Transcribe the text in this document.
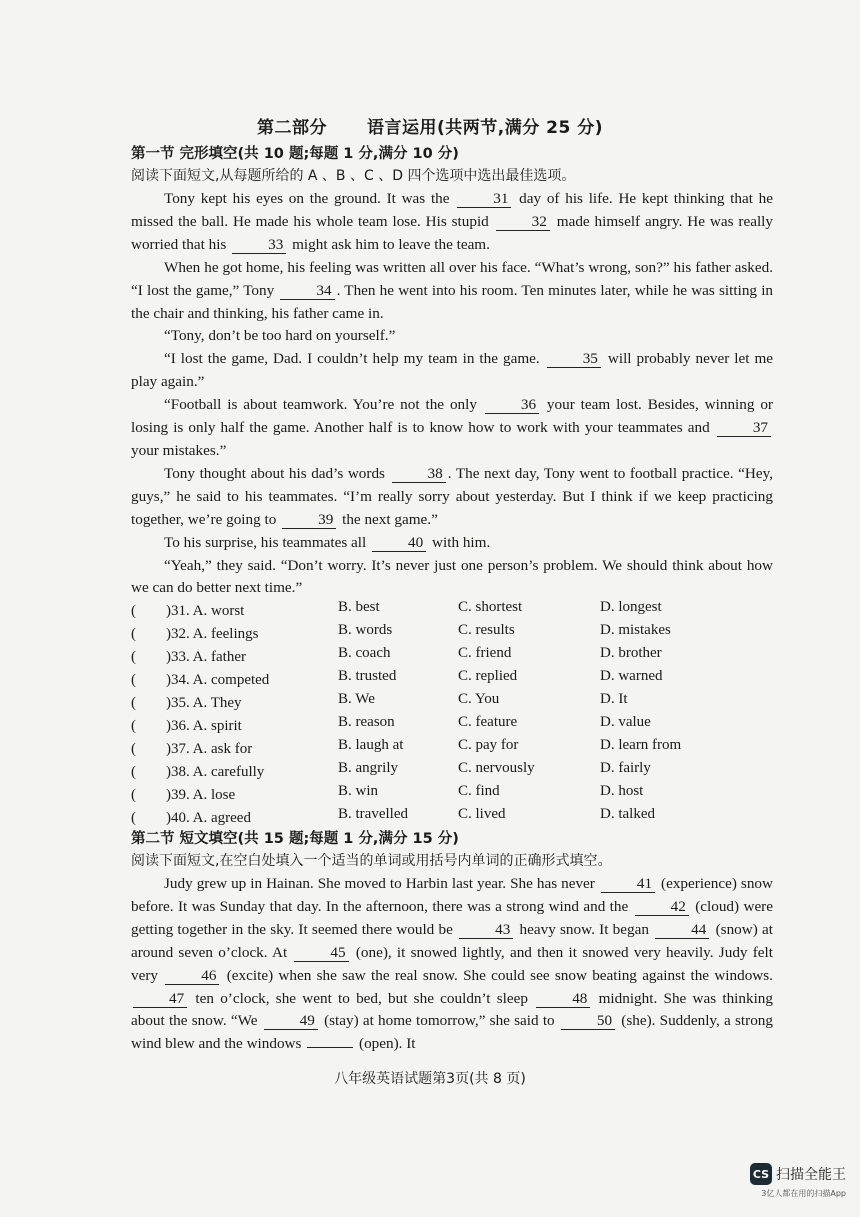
第二部分 语言运用(共两节,满分 25 分)
第一节 完形填空(共 10 题;每题 1 分,满分 10 分)
阅读下面短文,从每题所给的 A 、B 、C 、D 四个选项中选出最佳选项。

Tony kept his eyes on the ground. It was the	31 day of his life. He kept thinking that he missed the ball. He made his whole team lose. His stupid	32 made himself angry. He was really worried that his	33 might ask him to leave the team.

When he got home, his feeling was written all over his face. “What’s wrong, son?” his father asked. “I lost the game,” Tony	34 . Then he went into his room. Ten minutes later, while he was sitting in the chair and thinking, his father came in.

“Tony, don’t be too hard on yourself.”

“I lost the game, Dad. I couldn’t help my team in the game.	35 will probably never let me play again.”

“Football is about teamwork. You’re not the only	36 your team lost. Besides, winning or losing is only half the game. Another half is to know how to work with your teammates and	37 your mistakes.”

Tony thought about his dad’s words	38 . The next day, Tony went to football practice. “Hey, guys,” he said to his teammates. “I’m really sorry about yesterday. But I think if we keep practicing together, we’re going to	39 the next game.”

To his surprise, his teammates all	40 with him.

“Yeah,” they said. “Don’t worry. It’s never just one person’s problem. We should think about how we can do better next time.”

(　　)31. A. worst	B. best	C. shortest	D. longest
(　　)32. A. feelings	B. words	C. results	D. mistakes
(　　)33. A. father	B. coach	C. friend	D. brother
(　　)34. A. competed	B. trusted	C. replied	D. warned
(　　)35. A. They	B. We	C. You	D. It
(　　)36. A. spirit	B. reason	C. feature	D. value
(　　)37. A. ask for	B. laugh at	C. pay for	D. learn from
(　　)38. A. carefully	B. angrily	C. nervously	D. fairly
(　　)39. A. lose	B. win	C. find	D. host
(　　)40. A. agreed	B. travelled	C. lived	D. talked
第二节 短文填空(共 15 题;每题 1 分,满分 15 分)
阅读下面短文,在空白处填入一个适当的单词或用括号内单词的正确形式填空。

Judy grew up in Hainan. She moved to Harbin last year. She has never	41 (experience) snow before. It was Sunday that day. In the afternoon, there was a strong wind and the	42 (cloud) were getting together in the sky. It seemed there would be	43 heavy snow. It began	44 (snow) at around seven o’clock. At	45 (one), it snowed lightly, and then it snowed very heavily. Judy felt very	46 (excite) when she saw the real snow. She could see snow beating against the windows. 47 ten o’clock, she went to bed, but she couldn’t sleep	48 midnight. She was thinking about the snow. “We	49 (stay) at home tomorrow,” she said to	50 (she). Suddenly, a strong wind blew and the windows	(open). It

八年级英语试题第3页(共 8 页)
CS 扫描全能王
3亿人都在用的扫描App
